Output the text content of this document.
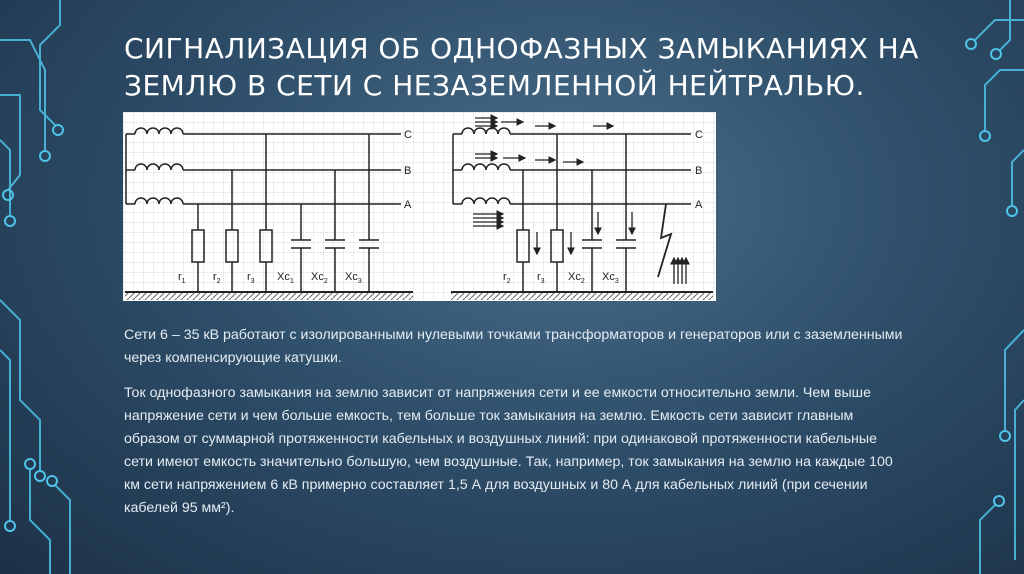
СИГНАЛИЗАЦИЯ ОБ ОДНОФАЗНЫХ ЗАМЫКАНИЯХ НА
ЗЕМЛЮ В СЕТИ С НЕЗАЗЕМЛЕННОЙ НЕЙТРАЛЬЮ.
C
B
A
C
B
A
$r_1$ $r_2$ $r_3$ $Xc_1$ $Xc_2$ $Xc_3$	$r_2$ $r_3$ $Xc_2$ $Xc_3$

Сети 6 – 35 кВ работают с изолированными нулевыми точками трансформаторов и генераторов или с заземленными через компенсирующие катушки.

Ток однофазного замыкания на землю зависит от напряжения сети и ее емкости относительно земли. Чем выше напряжение сети и чем больше емкость, тем больше ток замыкания на землю. Емкость сети зависит главным образом от суммарной протяженности кабельных и воздушных линий: при одинаковой протяженности кабельные сети имеют емкость значительно большую, чем воздушные. Так, например, ток замыкания на землю на каждые 100 км сети напряжением 6 кВ примерно составляет 1,5 А для воздушных и 80 А для кабельных линий (при сечении кабелей 95 мм²).
